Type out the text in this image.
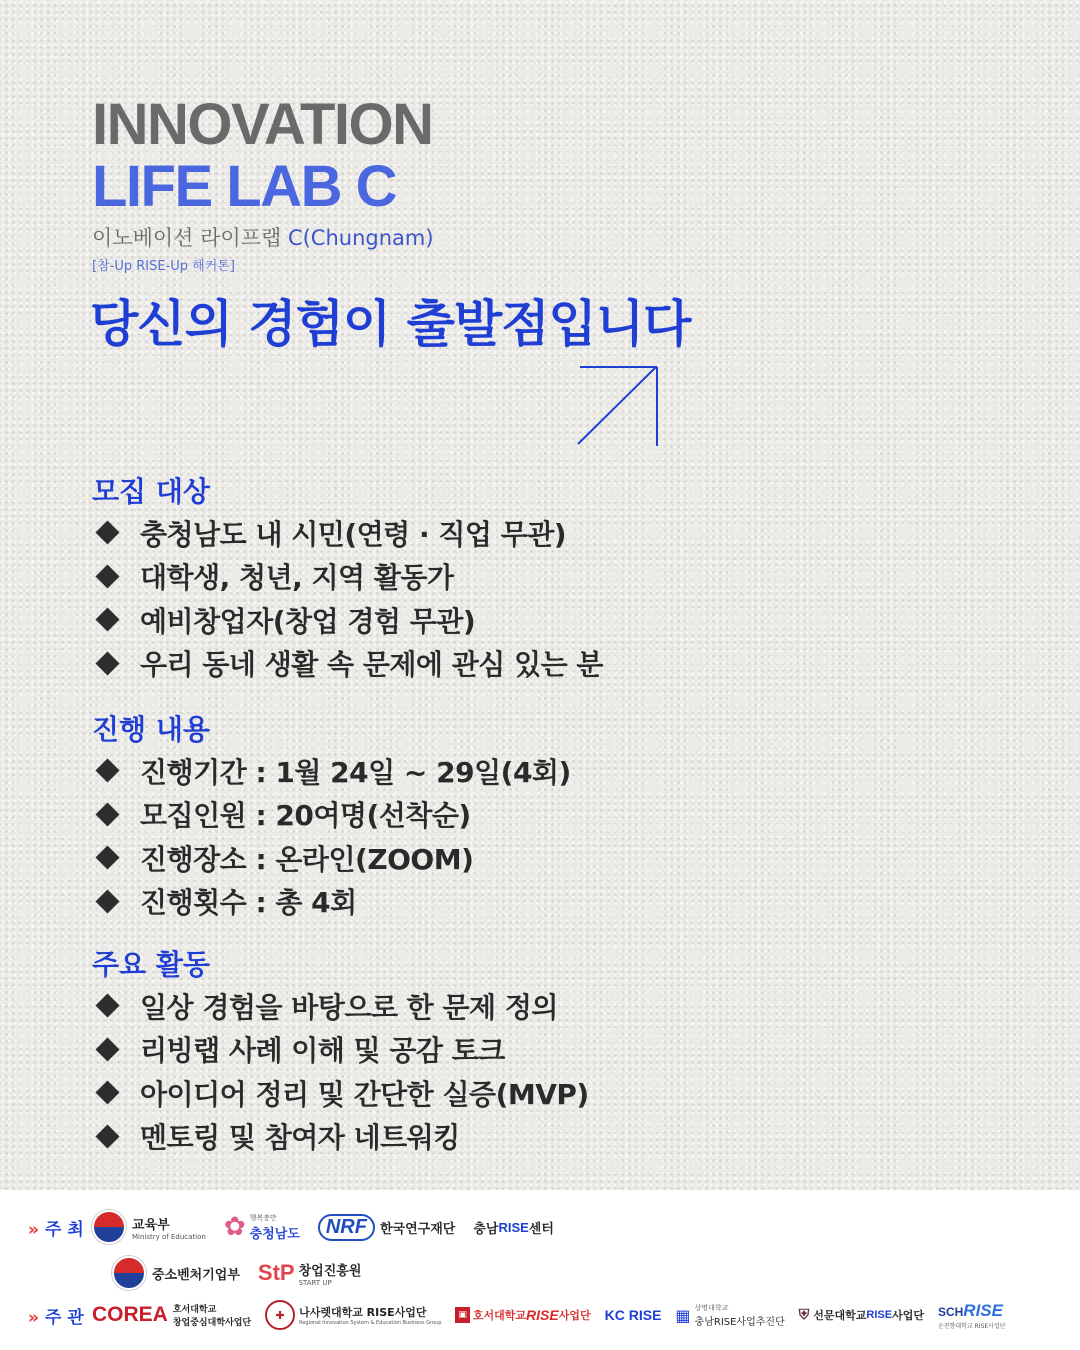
INNOVATION
LIFE LAB C
이노베이션 라이프랩 C(Chungnam)
[참-Up RISE-Up 해커톤]
당신의 경험이 출발점입니다
모집 대상
충청남도 내 시민(연령 · 직업 무관)
대학생, 청년, 지역 활동가
예비창업자(창업 경험 무관)
우리 동네 생활 속 문제에 관심 있는 분
진행 내용
진행기간 : 1월 24일 ~ 29일(4회)
모집인원 : 20여명(선착순)
진행장소 : 온라인(ZOOM)
진행횟수 : 총 4회
주요 활동
일상 경험을 바탕으로 한 문제 정의
리빙랩 사례 이해 및 공감 토크
아이디어 정리 및 간단한 실증(MVP)
멘토링 및 참여자 네트워킹
» 주 최	교육부
Ministry of Education ✿ 행복충만
충청남도	NRF	한국연구재단 충남 RISE 센터
중소벤처기업부 StP 창업진흥원
START UP
» 주 관 COREA 호서대학교
창업중심대학사업단
✚	나사렛대학교 RISE사업단
Regional Innovation System & Education Business Group
▣ 호서대학교 RISE 사업단 KC RISE ▦ 상명대학교
충남RISE사업추진단 ⛨ 선문대학교 RISE 사업단 SCHRISE
순천향대학교 RISE사업단
